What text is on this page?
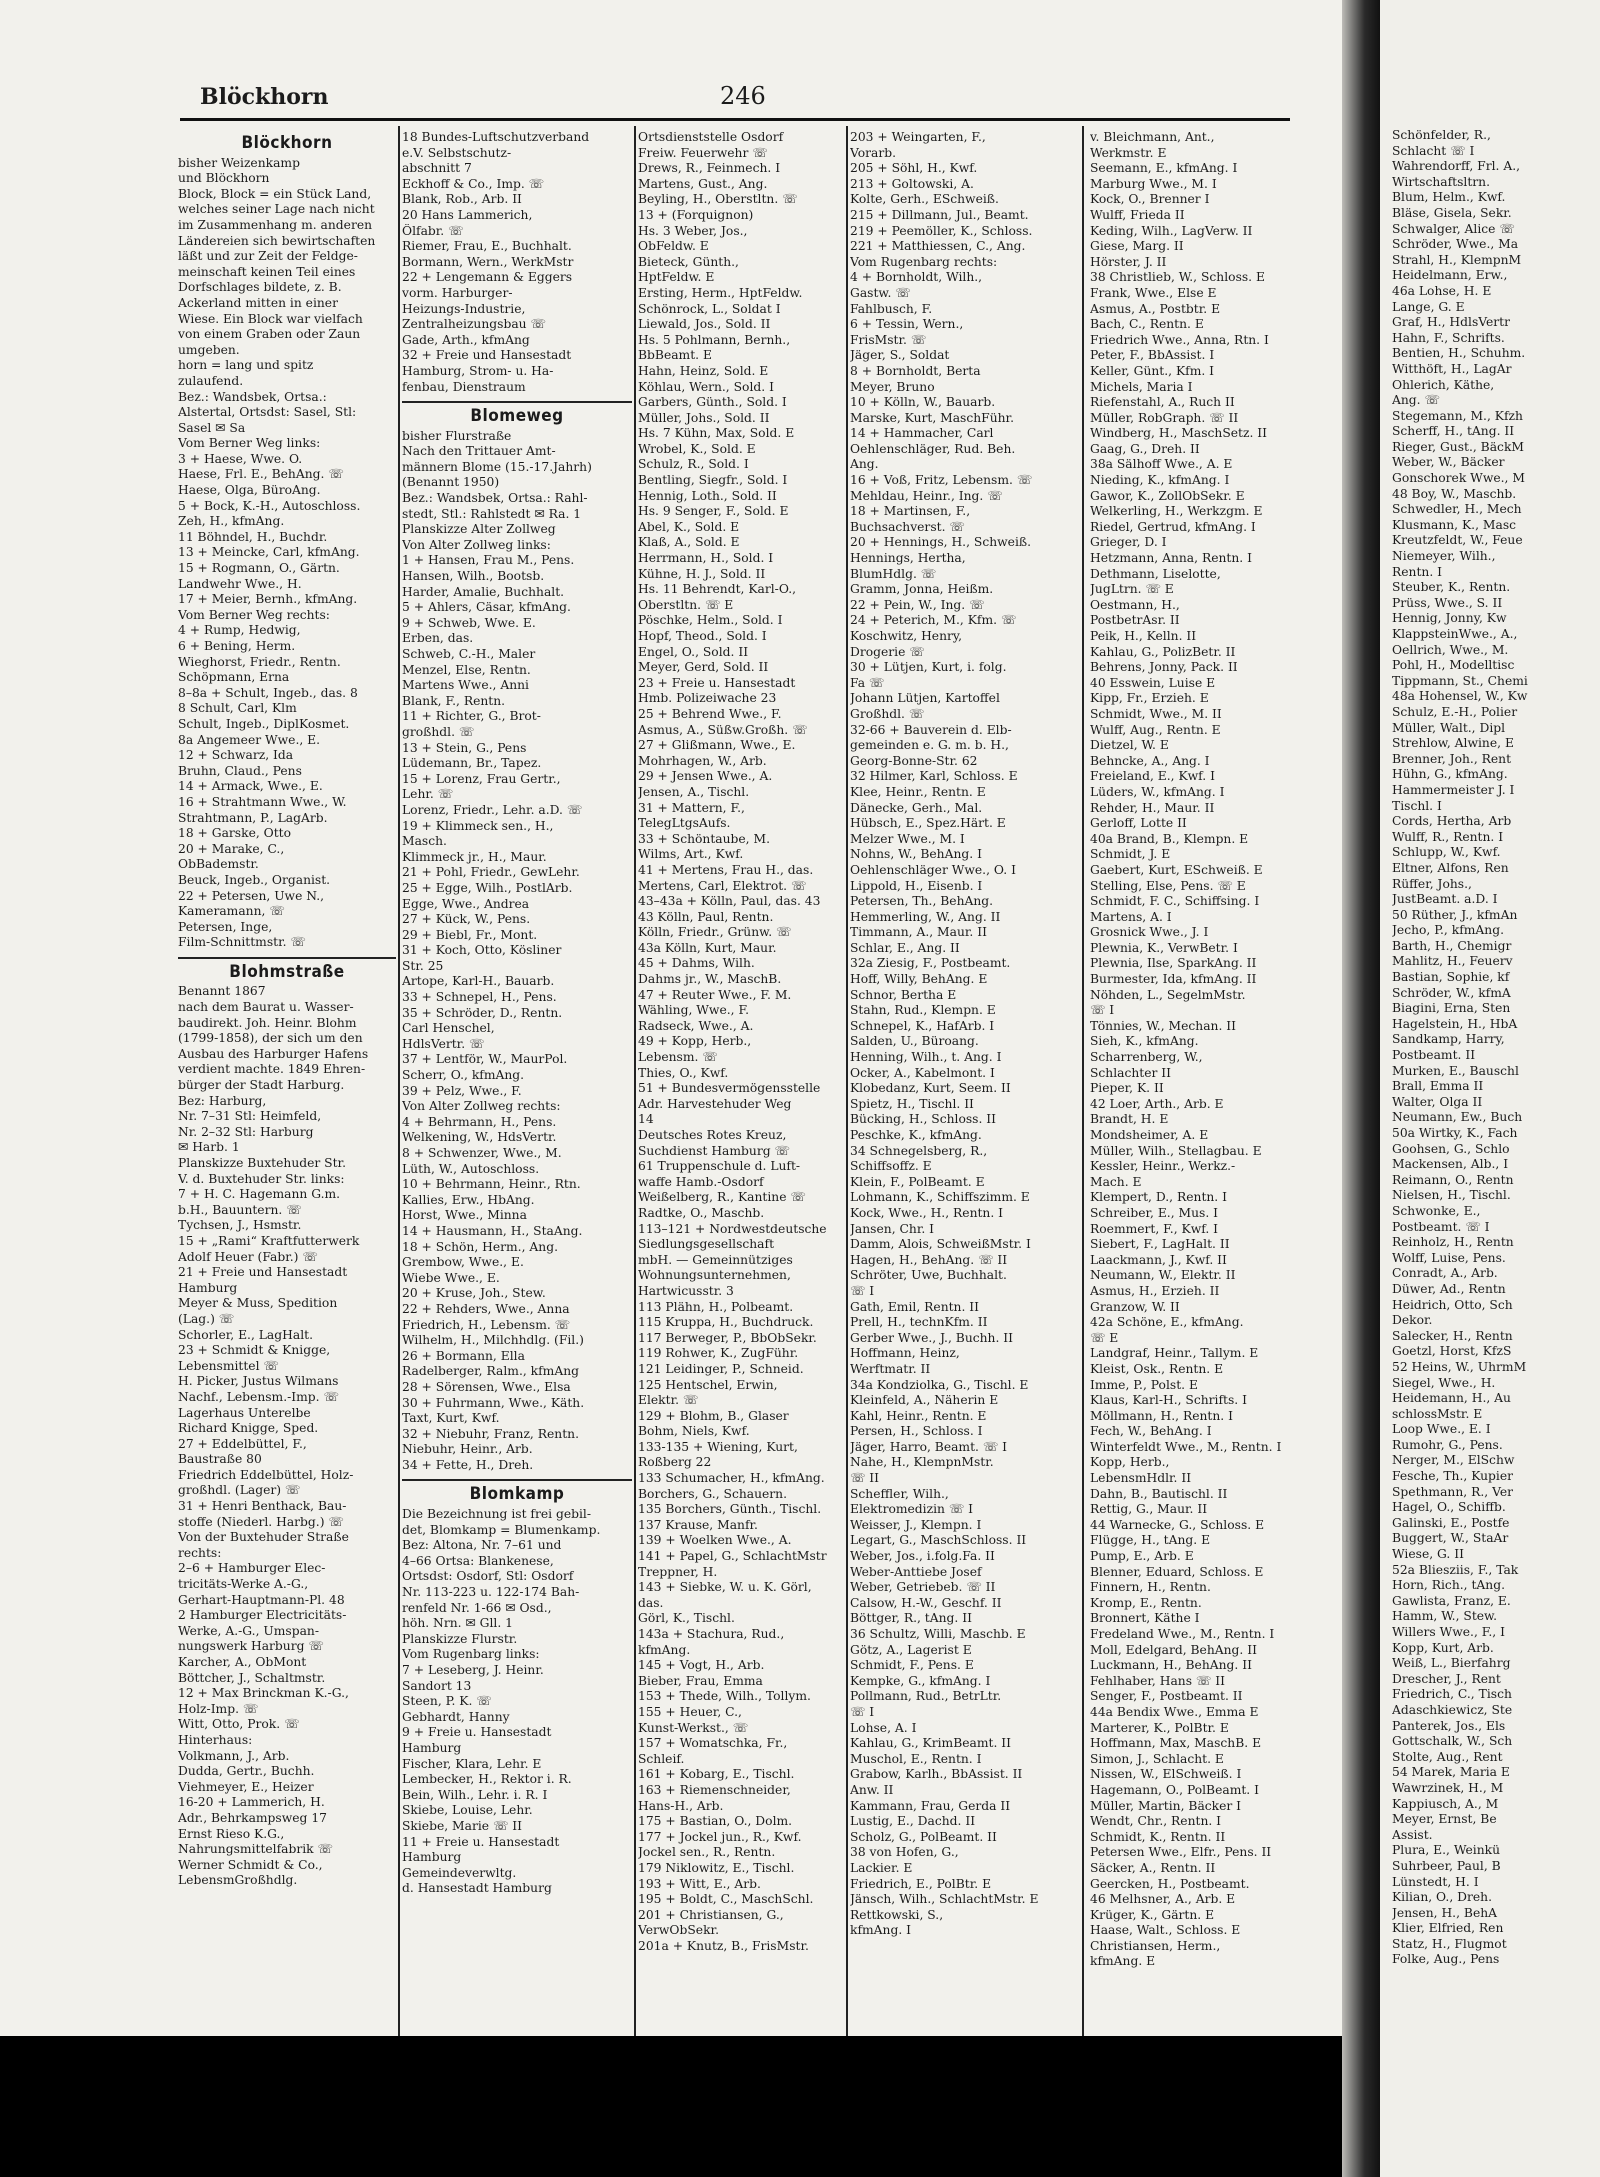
Blöckhorn	246
Blöckhorn
bisher Weizenkamp
und Blöckhorn
Block, Block = ein Stück Land,
welches seiner Lage nach nicht
im Zusammenhang m. anderen
Ländereien sich bewirtschaften
läßt und zur Zeit der Feldge-
meinschaft keinen Teil eines
Dorfschlages bildete, z. B.
Ackerland mitten in einer
Wiese. Ein Block war vielfach
von einem Graben oder Zaun
umgeben.
horn = lang und spitz
zulaufend.
Bez.: Wandsbek, Ortsa.:
Alstertal, Ortsdst: Sasel, Stl:
Sasel ✉ Sa
Vom Berner Weg links:
3 + Haese, Wwe. O.
Haese, Frl. E., BehAng. ☏
Haese, Olga, BüroAng.
5 + Bock, K.-H., Autoschloss.
Zeh, H., kfmAng.
11 Böhndel, H., Buchdr.
13 + Meincke, Carl, kfmAng.
15 + Rogmann, O., Gärtn.
Landwehr Wwe., H.
17 + Meier, Bernh., kfmAng.
Vom Berner Weg rechts:
4 + Rump, Hedwig,
6 + Bening, Herm.
Wieghorst, Friedr., Rentn.
Schöpmann, Erna
8–8a + Schult, Ingeb., das. 8
8 Schult, Carl, Klm
Schult, Ingeb., DiplKosmet.
8a Angemeer Wwe., E.
12 + Schwarz, Ida
Bruhn, Claud., Pens
14 + Armack, Wwe., E.
16 + Strahtmann Wwe., W.
Strahtmann, P., LagArb.
18 + Garske, Otto
20 + Marake, C.,
ObBademstr.
Beuck, Ingeb., Organist.
22 + Petersen, Uwe N.,
Kameramann, ☏
Petersen, Inge,
Film-Schnittmstr. ☏
Blohmstraße
Benannt 1867
nach dem Baurat u. Wasser-
baudirekt. Joh. Heinr. Blohm
(1799-1858), der sich um den
Ausbau des Harburger Hafens
verdient machte. 1849 Ehren-
bürger der Stadt Harburg.
Bez: Harburg,
Nr. 7–31 Stl: Heimfeld,
Nr. 2–32 Stl: Harburg
✉ Harb. 1
Planskizze Buxtehuder Str.
V. d. Buxtehuder Str. links:
7 + H. C. Hagemann G.m.
b.H., Bauuntern. ☏
Tychsen, J., Hsmstr.
15 + „Rami“ Kraftfutterwerk
Adolf Heuer (Fabr.) ☏
21 + Freie und Hansestadt
Hamburg
Meyer & Muss, Spedition
(Lag.) ☏
Schorler, E., LagHalt.
23 + Schmidt & Knigge,
Lebensmittel ☏
H. Picker, Justus Wilmans
Nachf., Lebensm.-Imp. ☏
Lagerhaus Unterelbe
Richard Knigge, Sped.
27 + Eddelbüttel, F.,
Baustraße 80
Friedrich Eddelbüttel, Holz-
großhdl. (Lager) ☏
31 + Henri Benthack, Bau-
stoffe (Niederl. Harbg.) ☏
Von der Buxtehuder Straße
rechts:
2–6 + Hamburger Elec-
tricitäts-Werke A.-G.,
Gerhart-Hauptmann-Pl. 48
2 Hamburger Electricitäts-
Werke, A.-G., Umspan-
nungswerk Harburg ☏
Karcher, A., ObMont
Böttcher, J., Schaltmstr.
12 + Max Brinckman K.-G.,
Holz-Imp. ☏
Witt, Otto, Prok. ☏
Hinterhaus:
Volkmann, J., Arb.
Dudda, Gertr., Buchh.
Viehmeyer, E., Heizer
16-20 + Lammerich, H.
Adr., Behrkampsweg 17
Ernst Rieso K.G.,
Nahrungsmittelfabrik ☏
Werner Schmidt & Co.,
LebensmGroßhdlg.
18 Bundes-Luftschutzverband
e.V. Selbstschutz-
abschnitt 7
Eckhoff & Co., Imp. ☏
Blank, Rob., Arb. II
20 Hans Lammerich,
Ölfabr. ☏
Riemer, Frau, E., Buchhalt.
Bormann, Wern., WerkMstr
22 + Lengemann & Eggers
vorm. Harburger-
Heizungs-Industrie,
Zentralheizungsbau ☏
Gade, Arth., kfmAng
32 + Freie und Hansestadt
Hamburg, Strom- u. Ha-
fenbau, Dienstraum
Blomeweg
bisher Flurstraße
Nach den Trittauer Amt-
männern Blome (15.-17.Jahrh)
(Benannt 1950)
Bez.: Wandsbek, Ortsa.: Rahl-
stedt, Stl.: Rahlstedt ✉ Ra. 1
Planskizze Alter Zollweg
Von Alter Zollweg links:
1 + Hansen, Frau M., Pens.
Hansen, Wilh., Bootsb.
Harder, Amalie, Buchhalt.
5 + Ahlers, Cäsar, kfmAng.
9 + Schweb, Wwe. E.
Erben, das.
Schweb, C.-H., Maler
Menzel, Else, Rentn.
Martens Wwe., Anni
Blank, F., Rentn.
11 + Richter, G., Brot-
großhdl. ☏
13 + Stein, G., Pens
Lüdemann, Br., Tapez.
15 + Lorenz, Frau Gertr.,
Lehr. ☏
Lorenz, Friedr., Lehr. a.D. ☏
19 + Klimmeck sen., H.,
Masch.
Klimmeck jr., H., Maur.
21 + Pohl, Friedr., GewLehr.
25 + Egge, Wilh., PostlArb.
Egge, Wwe., Andrea
27 + Kück, W., Pens.
29 + Biebl, Fr., Mont.
31 + Koch, Otto, Kösliner
Str. 25
Artope, Karl-H., Bauarb.
33 + Schnepel, H., Pens.
35 + Schröder, D., Rentn.
Carl Henschel,
HdlsVertr. ☏
37 + Lentför, W., MaurPol.
Scherr, O., kfmAng.
39 + Pelz, Wwe., F.
Von Alter Zollweg rechts:
4 + Behrmann, H., Pens.
Welkening, W., HdsVertr.
8 + Schwenzer, Wwe., M.
Lüth, W., Autoschloss.
10 + Behrmann, Heinr., Rtn.
Kallies, Erw., HbAng.
Horst, Wwe., Minna
14 + Hausmann, H., StaAng.
18 + Schön, Herm., Ang.
Grembow, Wwe., E.
Wiebe Wwe., E.
20 + Kruse, Joh., Stew.
22 + Rehders, Wwe., Anna
Friedrich, H., Lebensm. ☏
Wilhelm, H., Milchhdlg. (Fil.)
26 + Bormann, Ella
Radelberger, Ralm., kfmAng
28 + Sörensen, Wwe., Elsa
30 + Fuhrmann, Wwe., Käth.
Taxt, Kurt, Kwf.
32 + Niebuhr, Franz, Rentn.
Niebuhr, Heinr., Arb.
34 + Fette, H., Dreh.
Blomkamp
Die Bezeichnung ist frei gebil-
det, Blomkamp = Blumenkamp.
Bez: Altona, Nr. 7–61 und
4–66 Ortsa: Blankenese,
Ortsdst: Osdorf, Stl: Osdorf
Nr. 113-223 u. 122-174 Bah-
renfeld Nr. 1-66 ✉ Osd.,
höh. Nrn. ✉ Gll. 1
Planskizze Flurstr.
Vom Rugenbarg links:
7 + Leseberg, J. Heinr.
Sandort 13
Steen, P. K. ☏
Gebhardt, Hanny
9 + Freie u. Hansestadt
Hamburg
Fischer, Klara, Lehr. E
Lembecker, H., Rektor i. R.
Bein, Wilh., Lehr. i. R. I
Skiebe, Louise, Lehr.
Skiebe, Marie ☏ II
11 + Freie u. Hansestadt
Hamburg
Gemeindeverwltg.
d. Hansestadt Hamburg
Ortsdienststelle Osdorf
Freiw. Feuerwehr ☏
Drews, R., Feinmech. I
Martens, Gust., Ang.
Beyling, H., Oberstltn. ☏
13 + (Forquignon)
Hs. 3 Weber, Jos.,
ObFeldw. E
Bieteck, Günth.,
HptFeldw. E
Ersting, Herm., HptFeldw.
Schönrock, L., Soldat I
Liewald, Jos., Sold. II
Hs. 5 Pohlmann, Bernh.,
BbBeamt. E
Hahn, Heinz, Sold. E
Köhlau, Wern., Sold. I
Garbers, Günth., Sold. I
Müller, Johs., Sold. II
Hs. 7 Kühn, Max, Sold. E
Wrobel, K., Sold. E
Schulz, R., Sold. I
Bentling, Siegfr., Sold. I
Hennig, Loth., Sold. II
Hs. 9 Senger, F., Sold. E
Abel, K., Sold. E
Klaß, A., Sold. E
Herrmann, H., Sold. I
Kühne, H. J., Sold. II
Hs. 11 Behrendt, Karl-O.,
Oberstltn. ☏ E
Pöschke, Helm., Sold. I
Hopf, Theod., Sold. I
Engel, O., Sold. II
Meyer, Gerd, Sold. II
23 + Freie u. Hansestadt
Hmb. Polizeiwache 23
25 + Behrend Wwe., F.
Asmus, A., Süßw.Großh. ☏
27 + Glißmann, Wwe., E.
Mohrhagen, W., Arb.
29 + Jensen Wwe., A.
Jensen, A., Tischl.
31 + Mattern, F.,
TelegLtgsAufs.
33 + Schöntaube, M.
Wilms, Art., Kwf.
41 + Mertens, Frau H., das.
Mertens, Carl, Elektrot. ☏
43–43a + Kölln, Paul, das. 43
43 Kölln, Paul, Rentn.
Kölln, Friedr., Grünw. ☏
43a Kölln, Kurt, Maur.
45 + Dahms, Wilh.
Dahms jr., W., MaschB.
47 + Reuter Wwe., F. M.
Wähling, Wwe., F.
Radseck, Wwe., A.
49 + Kopp, Herb.,
Lebensm. ☏
Thies, O., Kwf.
51 + Bundesvermögensstelle
Adr. Harvestehuder Weg
14
Deutsches Rotes Kreuz,
Suchdienst Hamburg ☏
61 Truppenschule d. Luft-
waffe Hamb.-Osdorf
Weißelberg, R., Kantine ☏
Radtke, O., Maschb.
113–121 + Nordwestdeutsche
Siedlungsgesellschaft
mbH. — Gemeinnütziges
Wohnungsunternehmen,
Hartwicusstr. 3
113 Plähn, H., Polbeamt.
115 Kruppa, H., Buchdruck.
117 Berweger, P., BbObSekr.
119 Rohwer, K., ZugFühr.
121 Leidinger, P., Schneid.
125 Hentschel, Erwin,
Elektr. ☏
129 + Blohm, B., Glaser
Bohm, Niels, Kwf.
133-135 + Wiening, Kurt,
Roßberg 22
133 Schumacher, H., kfmAng.
Borchers, G., Schauern.
135 Borchers, Günth., Tischl.
137 Krause, Manfr.
139 + Woelken Wwe., A.
141 + Papel, G., SchlachtMstr
Treppner, H.
143 + Siebke, W. u. K. Görl,
das.
Görl, K., Tischl.
143a + Stachura, Rud.,
kfmAng.
145 + Vogt, H., Arb.
Bieber, Frau, Emma
153 + Thede, Wilh., Tollym.
155 + Heuer, C.,
Kunst-Werkst., ☏
157 + Womatschka, Fr.,
Schleif.
161 + Kobarg, E., Tischl.
163 + Riemenschneider,
Hans-H., Arb.
175 + Bastian, O., Dolm.
177 + Jockel jun., R., Kwf.
Jockel sen., R., Rentn.
179 Niklowitz, E., Tischl.
193 + Witt, E., Arb.
195 + Boldt, C., MaschSchl.
201 + Christiansen, G.,
VerwObSekr.
201a + Knutz, B., FrisMstr.
203 + Weingarten, F.,
Vorarb.
205 + Söhl, H., Kwf.
213 + Goltowski, A.
Kolte, Gerh., ESchweiß.
215 + Dillmann, Jul., Beamt.
219 + Peemöller, K., Schloss.
221 + Matthiessen, C., Ang.
Vom Rugenbarg rechts:
4 + Bornholdt, Wilh.,
Gastw. ☏
Fahlbusch, F.
6 + Tessin, Wern.,
FrisMstr. ☏
Jäger, S., Soldat
8 + Bornholdt, Berta
Meyer, Bruno
10 + Kölln, W., Bauarb.
Marske, Kurt, MaschFühr.
14 + Hammacher, Carl
Oehlenschläger, Rud. Beh.
Ang.
16 + Voß, Fritz, Lebensm. ☏
Mehldau, Heinr., Ing. ☏
18 + Martinsen, F.,
Buchsachverst. ☏
20 + Hennings, H., Schweiß.
Hennings, Hertha,
BlumHdlg. ☏
Gramm, Jonna, Heißm.
22 + Pein, W., Ing. ☏
24 + Peterich, M., Kfm. ☏
Koschwitz, Henry,
Drogerie ☏
30 + Lütjen, Kurt, i. folg.
Fa ☏
Johann Lütjen, Kartoffel
Großhdl. ☏
32-66 + Bauverein d. Elb-
gemeinden e. G. m. b. H.,
Georg-Bonne-Str. 62
32 Hilmer, Karl, Schloss. E
Klee, Heinr., Rentn. E
Dänecke, Gerh., Mal.
Hübsch, E., Spez.Härt. E
Melzer Wwe., M. I
Nohns, W., BehAng. I
Oehlenschläger Wwe., O. I
Lippold, H., Eisenb. I
Petersen, Th., BehAng.
Hemmerling, W., Ang. II
Timmann, A., Maur. II
Schlar, E., Ang. II
32a Ziesig, F., Postbeamt.
Hoff, Willy, BehAng. E
Schnor, Bertha E
Stahn, Rud., Klempn. E
Schnepel, K., HafArb. I
Salden, U., Büroang.
Henning, Wilh., t. Ang. I
Ocker, A., Kabelmont. I
Klobedanz, Kurt, Seem. II
Spietz, H., Tischl. II
Bücking, H., Schloss. II
Peschke, K., kfmAng.
34 Schnegelsberg, R.,
Schiffsoffz. E
Klein, F., PolBeamt. E
Lohmann, K., Schiffszimm. E
Kock, Wwe., H., Rentn. I
Jansen, Chr. I
Damm, Alois, SchweißMstr. I
Hagen, H., BehAng. ☏ II
Schröter, Uwe, Buchhalt.
☏ I
Gath, Emil, Rentn. II
Prell, H., technKfm. II
Gerber Wwe., J., Buchh. II
Hoffmann, Heinz,
Werftmatr. II
34a Kondziolka, G., Tischl. E
Kleinfeld, A., Näherin E
Kahl, Heinr., Rentn. E
Persen, H., Schloss. I
Jäger, Harro, Beamt. ☏ I
Nahe, H., KlempnMstr.
☏ II
Scheffler, Wilh.,
Elektromedizin ☏ I
Weisser, J., Klempn. I
Legart, G., MaschSchloss. II
Weber, Jos., i.folg.Fa. II
Weber-Anttiebe Josef
Weber, Getriebeb. ☏ II
Calsow, H.-W., Geschf. II
Böttger, R., tAng. II
36 Schultz, Willi, Maschb. E
Götz, A., Lagerist E
Schmidt, F., Pens. E
Kempke, G., kfmAng. I
Pollmann, Rud., BetrLtr.
☏ I
Lohse, A. I
Kahlau, G., KrimBeamt. II
Muschol, E., Rentn. I
Grabow, Karlh., BbAssist. II
Anw. II
Kammann, Frau, Gerda II
Lustig, E., Dachd. II
Scholz, G., PolBeamt. II
38 von Hofen, G.,
Lackier. E
Friedrich, E., PolBtr. E
Jänsch, Wilh., SchlachtMstr. E
Rettkowski, S.,
kfmAng. I
v. Bleichmann, Ant.,
Werkmstr. E
Seemann, E., kfmAng. I
Marburg Wwe., M. I
Kock, O., Brenner I
Wulff, Frieda II
Keding, Wilh., LagVerw. II
Giese, Marg. II
Hörster, J. II
38 Christlieb, W., Schloss. E
Frank, Wwe., Else E
Asmus, A., Postbtr. E
Bach, C., Rentn. E
Friedrich Wwe., Anna, Rtn. I
Peter, F., BbAssist. I
Keller, Günt., Kfm. I
Michels, Maria I
Riefenstahl, A., Ruch II
Müller, RobGraph. ☏ II
Windberg, H., MaschSetz. II
Gaag, G., Dreh. II
38a Sälhoff Wwe., A. E
Nieding, K., kfmAng. I
Gawor, K., ZollObSekr. E
Welkerling, H., Werkzgm. E
Riedel, Gertrud, kfmAng. I
Grieger, D. I
Hetzmann, Anna, Rentn. I
Dethmann, Liselotte,
JugLtrn. ☏ E
Oestmann, H.,
PostbetrAsr. II
Peik, H., Kelln. II
Kahlau, G., PolizBetr. II
Behrens, Jonny, Pack. II
40 Esswein, Luise E
Kipp, Fr., Erzieh. E
Schmidt, Wwe., M. II
Wulff, Aug., Rentn. E
Dietzel, W. E
Behncke, A., Ang. I
Freieland, E., Kwf. I
Lüders, W., kfmAng. I
Rehder, H., Maur. II
Gerloff, Lotte II
40a Brand, B., Klempn. E
Schmidt, J. E
Gaebert, Kurt, ESchweiß. E
Stelling, Else, Pens. ☏ E
Schmidt, F. C., Schiffsing. I
Martens, A. I
Grosnick Wwe., J. I
Plewnia, K., VerwBetr. I
Plewnia, Ilse, SparkAng. II
Burmester, Ida, kfmAng. II
Nöhden, L., SegelmMstr.
☏ I
Tönnies, W., Mechan. II
Sieh, K., kfmAng.
Scharrenberg, W.,
Schlachter II
Pieper, K. II
42 Loer, Arth., Arb. E
Brandt, H. E
Mondsheimer, A. E
Müller, Wilh., Stellagbau. E
Kessler, Heinr., Werkz.-
Mach. E
Klempert, D., Rentn. I
Schreiber, E., Mus. I
Roemmert, F., Kwf. I
Siebert, F., LagHalt. II
Laackmann, J., Kwf. II
Neumann, W., Elektr. II
Asmus, H., Erzieh. II
Granzow, W. II
42a Schöne, E., kfmAng.
☏ E
Landgraf, Heinr., Tallym. E
Kleist, Osk., Rentn. E
Imme, P., Polst. E
Klaus, Karl-H., Schrifts. I
Möllmann, H., Rentn. I
Fech, W., BehAng. I
Winterfeldt Wwe., M., Rentn. I
Kopp, Herb.,
LebensmHdlr. II
Dahn, B., Bautischl. II
Rettig, G., Maur. II
44 Warnecke, G., Schloss. E
Flügge, H., tAng. E
Pump, E., Arb. E
Blenner, Eduard, Schloss. E
Finnern, H., Rentn.
Kromp, E., Rentn.
Bronnert, Käthe I
Fredeland Wwe., M., Rentn. I
Moll, Edelgard, BehAng. II
Luckmann, H., BehAng. II
Fehlhaber, Hans ☏ II
Senger, F., Postbeamt. II
44a Bendix Wwe., Emma E
Marterer, K., PolBtr. E
Hoffmann, Max, MaschB. E
Simon, J., Schlacht. E
Nissen, W., ElSchweiß. I
Hagemann, O., PolBeamt. I
Müller, Martin, Bäcker I
Wendt, Chr., Rentn. I
Schmidt, K., Rentn. II
Petersen Wwe., Elfr., Pens. II
Säcker, A., Rentn. II
Geercken, H., Postbeamt.
46 Melhsner, A., Arb. E
Krüger, K., Gärtn. E
Haase, Walt., Schloss. E
Christiansen, Herm.,
kfmAng. E
Schönfelder, R.,
Schlacht ☏ I
Wahrendorff, Frl. A.,
Wirtschaftsltrn.
Blum, Helm., Kwf.
Bläse, Gisela, Sekr.
Schwalger, Alice ☏
Schröder, Wwe., Ma
Strahl, H., KlempnM
Heidelmann, Erw.,
46a Lohse, H. E
Lange, G. E
Graf, H., HdlsVertr
Hahn, F., Schrifts.
Bentien, H., Schuhm.
Witthöft, H., LagAr
Ohlerich, Käthe,
Ang. ☏
Stegemann, M., Kfzh
Scherff, H., tAng. II
Rieger, Gust., BäckM
Weber, W., Bäcker
Gonschorek Wwe., M
48 Boy, W., Maschb.
Schwedler, H., Mech
Klusmann, K., Masc
Kreutzfeldt, W., Feue
Niemeyer, Wilh.,
Rentn. I
Steuber, K., Rentn.
Prüss, Wwe., S. II
Hennig, Jonny, Kw
KlappsteinWwe., A.,
Oellrich, Wwe., M.
Pohl, H., Modelltisc
Tippmann, St., Chemi
48a Hohensel, W., Kw
Schulz, E.-H., Polier
Müller, Walt., Dipl
Strehlow, Alwine, E
Brenner, Joh., Rent
Hühn, G., kfmAng.
Hammermeister J. I
Tischl. I
Cords, Hertha, Arb
Wulff, R., Rentn. I
Schlupp, W., Kwf.
Eltner, Alfons, Ren
Rüffer, Johs.,
JustBeamt. a.D. I
50 Rüther, J., kfmAn
Jecho, P., kfmAng.
Barth, H., Chemigr
Mahlitz, H., Feuerv
Bastian, Sophie, kf
Schröder, W., kfmA
Biagini, Erna, Sten
Hagelstein, H., HbA
Sandkamp, Harry,
Postbeamt. II
Murken, E., Bauschl
Brall, Emma II
Walter, Olga II
Neumann, Ew., Buch
50a Wirtky, K., Fach
Goohsen, G., Schlo
Mackensen, Alb., I
Reimann, O., Rentn
Nielsen, H., Tischl.
Schwonke, E.,
Postbeamt. ☏ I
Reinholz, H., Rentn
Wolff, Luise, Pens.
Conradt, A., Arb.
Düwer, Ad., Rentn
Heidrich, Otto, Sch
Dekor.
Salecker, H., Rentn
Goetzl, Horst, KfzS
52 Heins, W., UhrmM
Siegel, Wwe., H.
Heidemann, H., Au
schlossMstr. E
Loop Wwe., E. I
Rumohr, G., Pens.
Nerger, M., ElSchw
Fesche, Th., Kupier
Spethmann, R., Ver
Hagel, O., Schiffb.
Galinski, E., Postfe
Buggert, W., StaAr
Wiese, G. II
52a Bliesziis, F., Tak
Horn, Rich., tAng.
Gawlista, Franz, E.
Hamm, W., Stew.
Willers Wwe., F., I
Kopp, Kurt, Arb.
Weiß, L., Bierfahrg
Drescher, J., Rent
Friedrich, C., Tisch
Adaschkiewicz, Ste
Panterek, Jos., Els
Gottschalk, W., Sch
Stolte, Aug., Rent
54 Marek, Maria E
Wawrzinek, H., M
Kappiusch, A., M
Meyer, Ernst, Be
Assist.
Plura, E., Weinkü
Suhrbeer, Paul, B
Lünstedt, H. I
Kilian, O., Dreh.
Jensen, H., BehA
Klier, Elfried, Ren
Statz, H., Flugmot
Folke, Aug., Pens
